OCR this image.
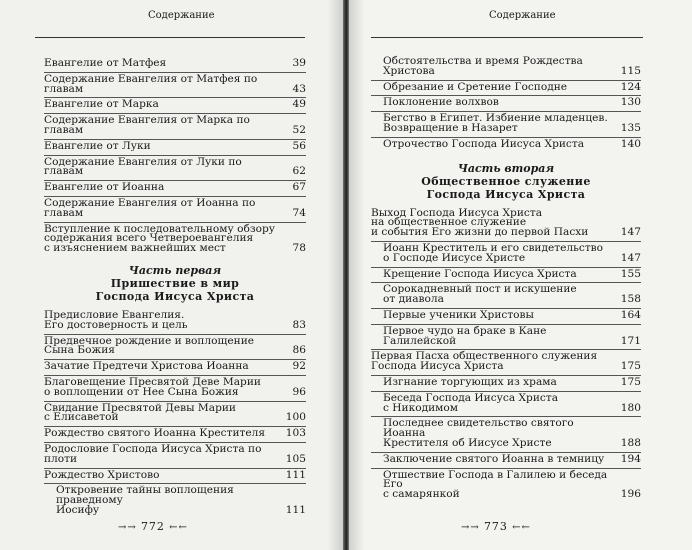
Содержание
Евангелие от Матфея	39
Содержание Евангелия от Матфея по главам	43
Евангелие от Марка	49
Содержание Евангелия от Марка по главам	52
Евангелие от Луки	56
Содержание Евангелия от Луки по главам	62
Евангелие от Иоанна	67
Содержание Евангелия от Иоанна по главам	74
Вступление к последовательному обзору
содержания всего Четвероевангелия
с изъяснением важнейших мест	78
Часть первая
Пришествие в мир
Господа Иисуса Христа
Предисловие Евангелия.
Его достоверность и цель	83
Предвечное рождение и воплощение
Сына Божия	86
Зачатие Предтечи Христова Иоанна	92
Благовещение Пресвятой Деве Марии
о воплощении от Нее Сына Божия	96
Свидание Пресвятой Девы Марии
с Елисаветой	100
Рождество святого Иоанна Крестителя	103
Родословие Господа Иисуса Христа по плоти	105
Рождество Христово	111
Откровение тайны воплощения праведному
Иосифу	111
→→ 772 ←←
Содержание
Обстоятельства и время Рождества Христова	115
Обрезание и Сретение Господне	124
Поклонение волхвов	130
Бегство в Египет. Избиение младенцев.
Возвращение в Назарет	135
Отрочество Господа Иисуса Христа	140
Часть вторая
Общественное служение
Господа Иисуса Христа
Выход Господа Иисуса Христа
на общественное служение
и события Его жизни до первой Пасхи	147
Иоанн Креститель и его свидетельство
о Господе Иисусе Христе	147
Крещение Господа Иисуса Христа	155
Сорокадневный пост и искушение
от диавола	158
Первые ученики Христовы	164
Первое чудо на браке в Кане Галилейской	171
Первая Пасха общественного служения
Господа Иисуса Христа	175
Изгнание торгующих из храма	175
Беседа Господа Иисуса Христа
с Никодимом	180
Последнее свидетельство святого Иоанна
Крестителя об Иисусе Христе	188
Заключение святого Иоанна в темницу	194
Отшествие Господа в Галилею и беседа Его
с самарянкой	196
→→ 773 ←←
